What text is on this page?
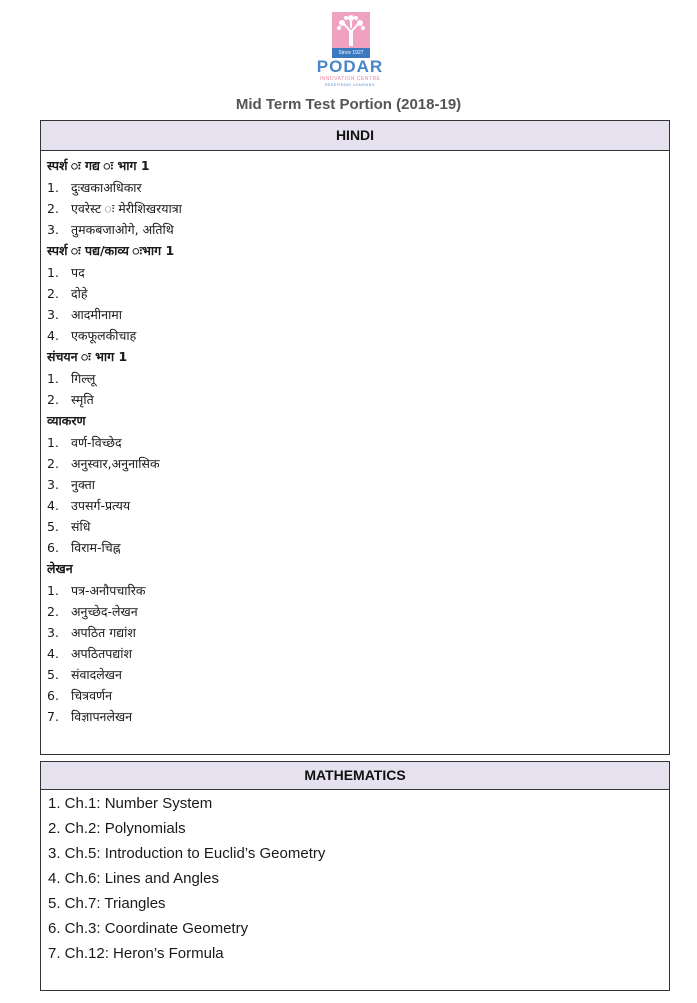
Since 1927
PODAR
INNOVATION CENTRE
REDEFINING LEARNING
Mid Term Test Portion (2018-19)
HINDI
स्पर्श ः गद्य ः भाग 1
1. दुःखकाअधिकार
2. एवरेस्ट ः मेरीशिखरयात्रा
3. तुमकबजाओगे, अतिथि
स्पर्श ः पद्य/काव्य ःभाग 1
1. पद
2. दोहे
3. आदमीनामा
4. एकफूलकीचाह
संचयन ः भाग 1
1. गिल्लू
2. स्मृति
व्याकरण
1. वर्ण-विच्छेद
2. अनुस्वार,अनुनासिक
3. नुक्ता
4. उपसर्ग-प्रत्यय
5. संधि
6. विराम-चिह्न
लेखन
1. पत्र-अनौपचारिक
2. अनुच्छेद-लेखन
3. अपठित गद्यांश
4. अपठितपद्यांश
5. संवादलेखन
6. चित्रवर्णन
7. विज्ञापनलेखन
MATHEMATICS
1. Ch.1: Number System
2. Ch.2: Polynomials
3. Ch.5: Introduction to Euclid’s Geometry
4. Ch.6: Lines and Angles
5. Ch.7: Triangles
6. Ch.3: Coordinate Geometry
7. Ch.12: Heron’s Formula
